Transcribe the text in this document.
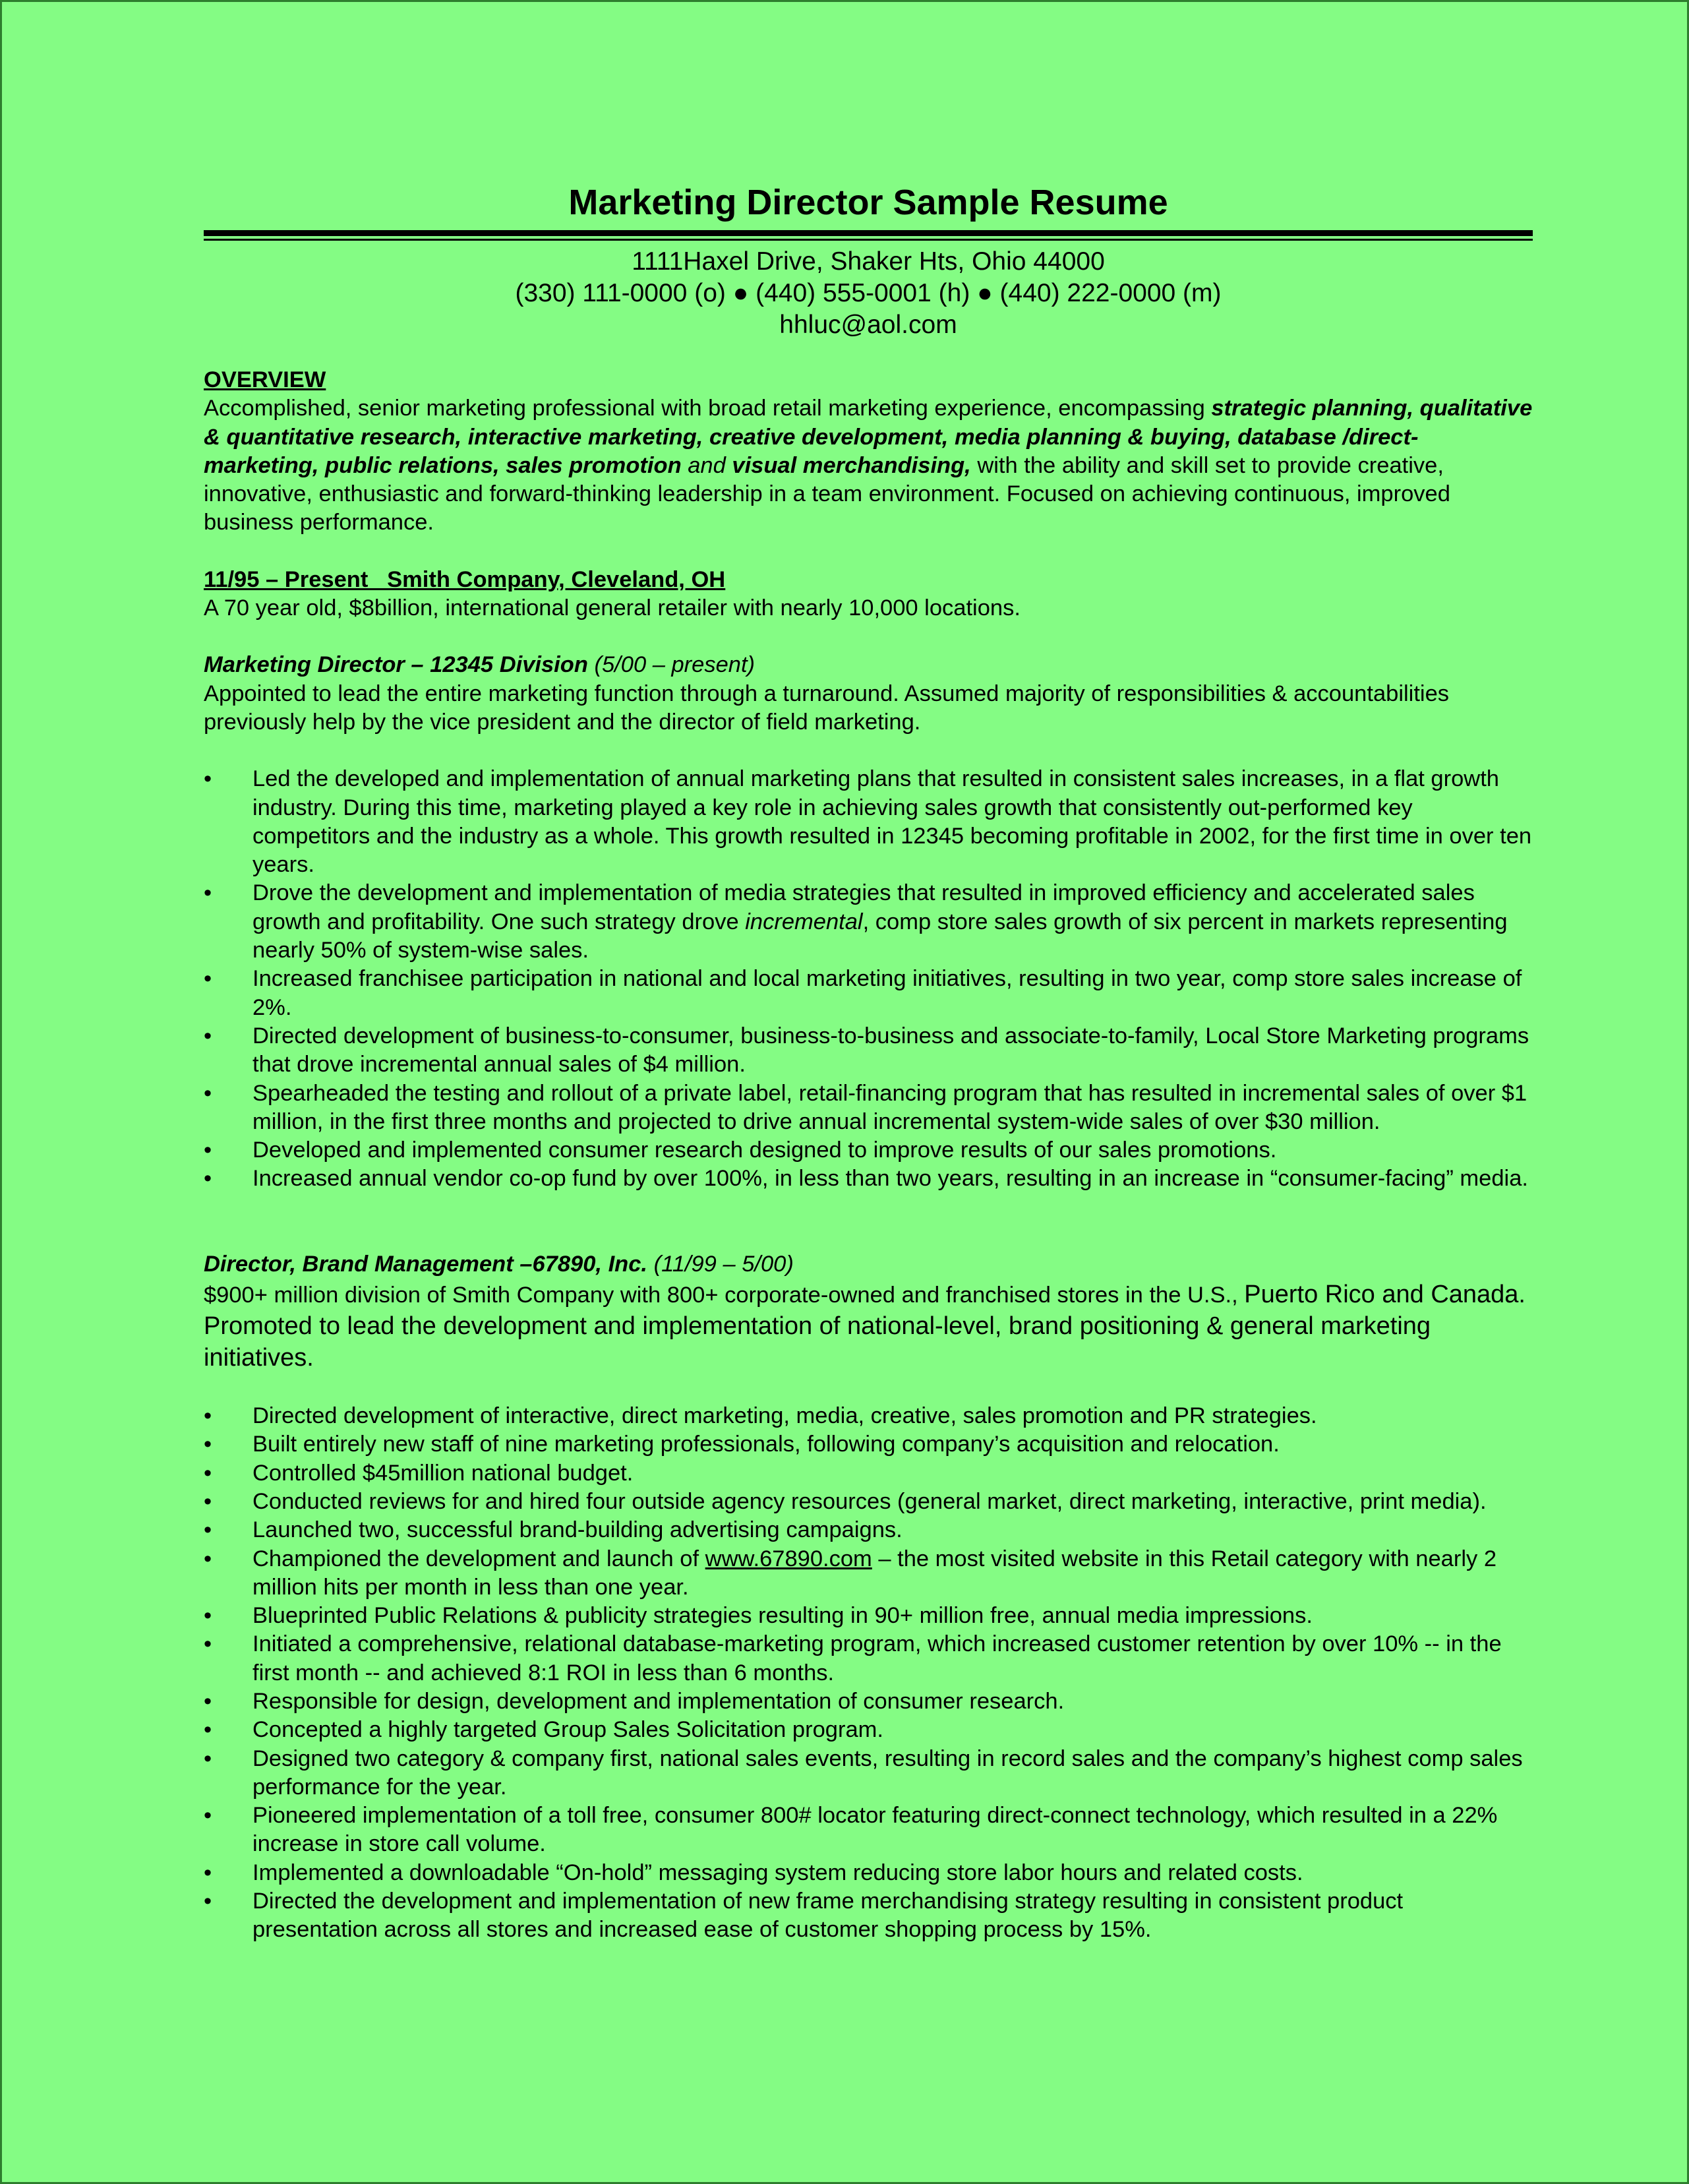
Marketing Director Sample Resume
1111Haxel Drive, Shaker Hts, Ohio 44000
(330) 111-0000 (o) ● (440) 555-0001 (h) ● (440) 222-0000 (m)
hhluc@aol.com

OVERVIEW

Accomplished, senior marketing professional with broad retail marketing experience, encompassing strategic planning, qualitative & quantitative research, interactive marketing, creative development, media planning & buying, database /direct-marketing, public relations, sales promotion and visual merchandising, with the ability and skill set to provide creative, innovative, enthusiastic and forward-thinking leadership in a team environment. Focused on achieving continuous, improved business performance.

11/95 – Present   Smith Company, Cleveland, OH

A 70 year old, $8billion, international general retailer with nearly 10,000 locations.

Marketing Director – 12345 Division (5/00 – present)

Appointed to lead the entire marketing function through a turnaround. Assumed majority of responsibilities & accountabilities previously help by the vice president and the director of field marketing.

• Led the developed and implementation of annual marketing plans that resulted in consistent sales increases, in a flat growth industry. During this time, marketing played a key role in achieving sales growth that consistently out-performed key competitors and the industry as a whole. This growth resulted in 12345 becoming profitable in 2002, for the first time in over ten years.
• Drove the development and implementation of media strategies that resulted in improved efficiency and accelerated sales growth and profitability. One such strategy drove incremental, comp store sales growth of six percent in markets representing nearly 50% of system-wise sales.
• Increased franchisee participation in national and local marketing initiatives, resulting in two year, comp store sales increase of 2%.
• Directed development of business-to-consumer, business-to-business and associate-to-family, Local Store Marketing programs that drove incremental annual sales of $4 million.
• Spearheaded the testing and rollout of a private label, retail-financing program that has resulted in incremental sales of over $1 million, in the first three months and projected to drive annual incremental system-wide sales of over $30 million.
• Developed and implemented consumer research designed to improve results of our sales promotions.
• Increased annual vendor co-op fund by over 100%, in less than two years, resulting in an increase in “consumer-facing” media.

Director, Brand Management –67890, Inc. (11/99 – 5/00)

$900+ million division of Smith Company with 800+ corporate-owned and franchised stores in the U.S., Puerto Rico and Canada. Promoted to lead the development and implementation of national-level, brand positioning & general marketing initiatives.

• Directed development of interactive, direct marketing, media, creative, sales promotion and PR strategies.
• Built entirely new staff of nine marketing professionals, following company’s acquisition and relocation.
• Controlled $45million national budget.
• Conducted reviews for and hired four outside agency resources (general market, direct marketing, interactive, print media).
• Launched two, successful brand-building advertising campaigns.
• Championed the development and launch of www.67890.com – the most visited website in this Retail category with nearly 2 million hits per month in less than one year.
• Blueprinted Public Relations & publicity strategies resulting in 90+ million free, annual media impressions.
• Initiated a comprehensive, relational database-marketing program, which increased customer retention by over 10% -- in the first month -- and achieved 8:1 ROI in less than 6 months.
• Responsible for design, development and implementation of consumer research.
• Concepted a highly targeted Group Sales Solicitation program.
• Designed two category & company first, national sales events, resulting in record sales and the company’s highest comp sales performance for the year.
• Pioneered implementation of a toll free, consumer 800# locator featuring direct-connect technology, which resulted in a 22% increase in store call volume.
• Implemented a downloadable “On-hold” messaging system reducing store labor hours and related costs.
• Directed the development and implementation of new frame merchandising strategy resulting in consistent product presentation across all stores and increased ease of customer shopping process by 15%.
